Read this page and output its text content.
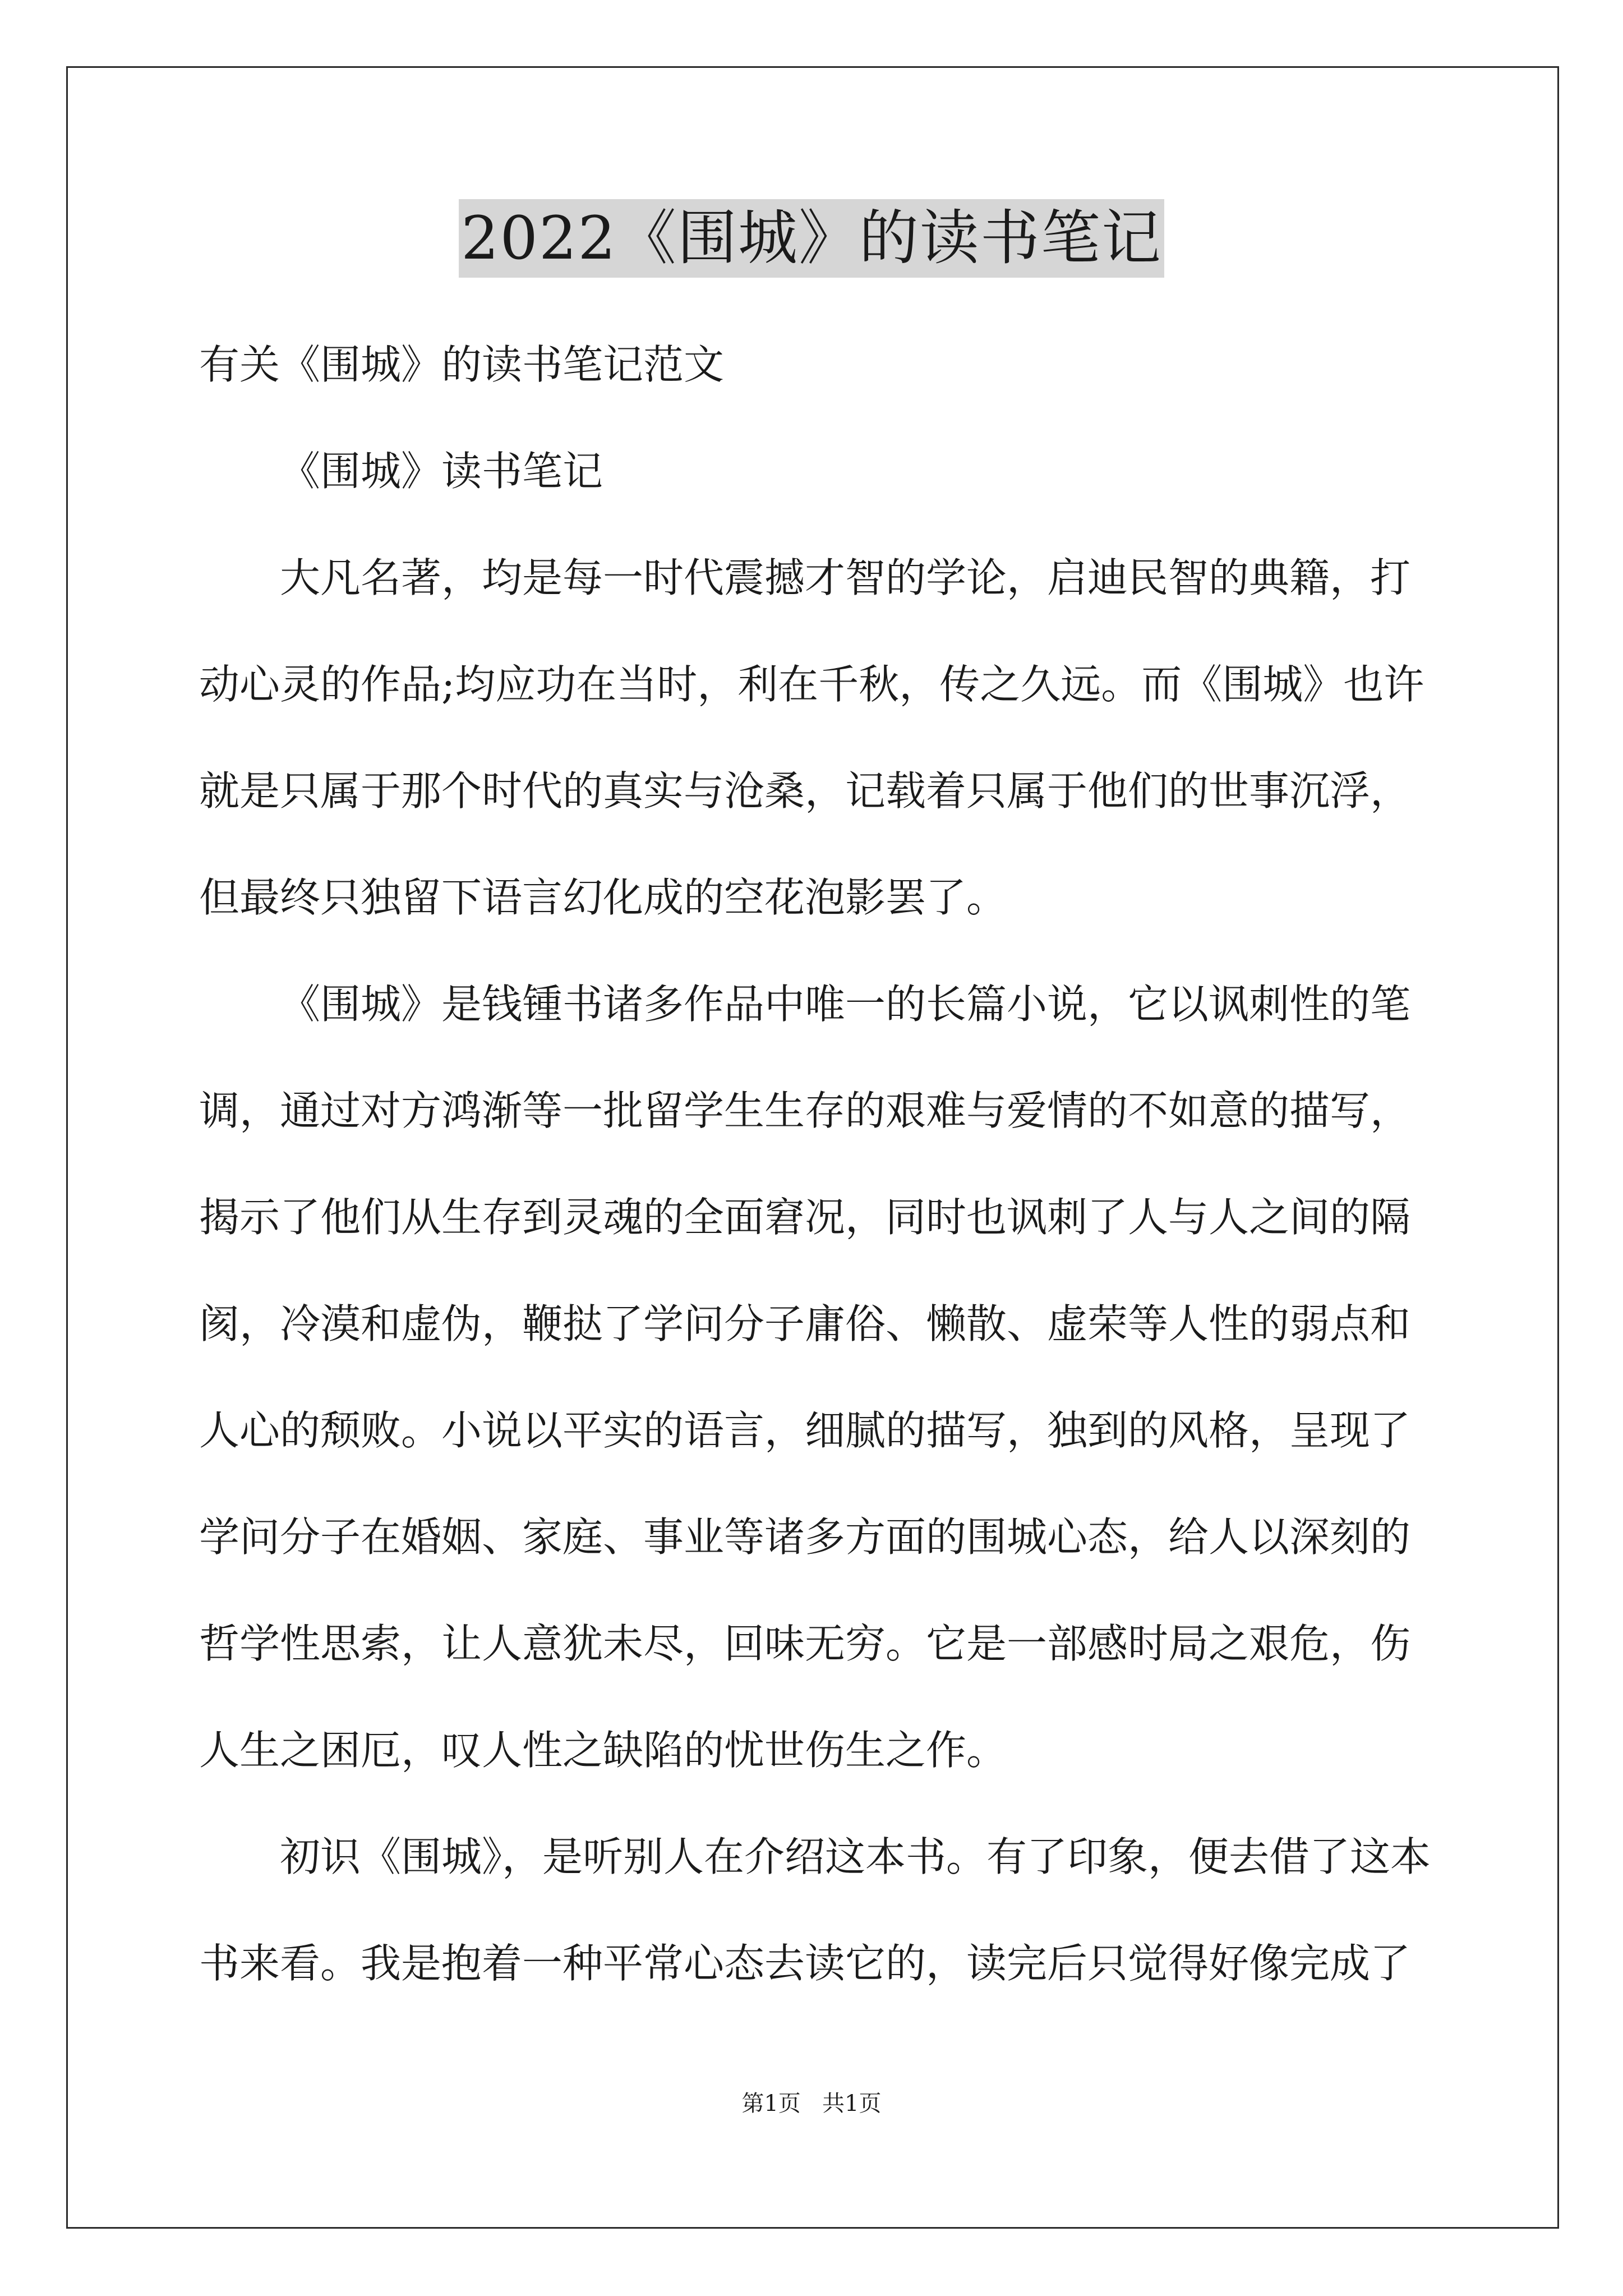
2022《围城》的读书笔记
有关《围城》的读书笔记范文
《围城》读书笔记
大凡名著，均是每一时代震撼才智的学论，启迪民智的典籍，打
动心灵的作品;均应功在当时，利在千秋，传之久远。而《围城》也许
就是只属于那个时代的真实与沧桑，记载着只属于他们的世事沉浮，
但最终只独留下语言幻化成的空花泡影罢了。
《围城》是钱锺书诸多作品中唯一的长篇小说，它以讽刺性的笔
调，通过对方鸿渐等一批留学生生存的艰难与爱情的不如意的描写，
揭示了他们从生存到灵魂的全面窘况，同时也讽刺了人与人之间的隔
阂，冷漠和虚伪，鞭挞了学问分子庸俗、懒散、虚荣等人性的弱点和
人心的颓败。小说以平实的语言，细腻的描写，独到的风格，呈现了
学问分子在婚姻、家庭、事业等诸多方面的围城心态，给人以深刻的
哲学性思索，让人意犹未尽，回味无穷。它是一部感时局之艰危，伤
人生之困厄，叹人性之缺陷的忧世伤生之作。
初识《围城》，是听别人在介绍这本书。有了印象，便去借了这本
书来看。我是抱着一种平常心态去读它的，读完后只觉得好像完成了
第1页   共1页
